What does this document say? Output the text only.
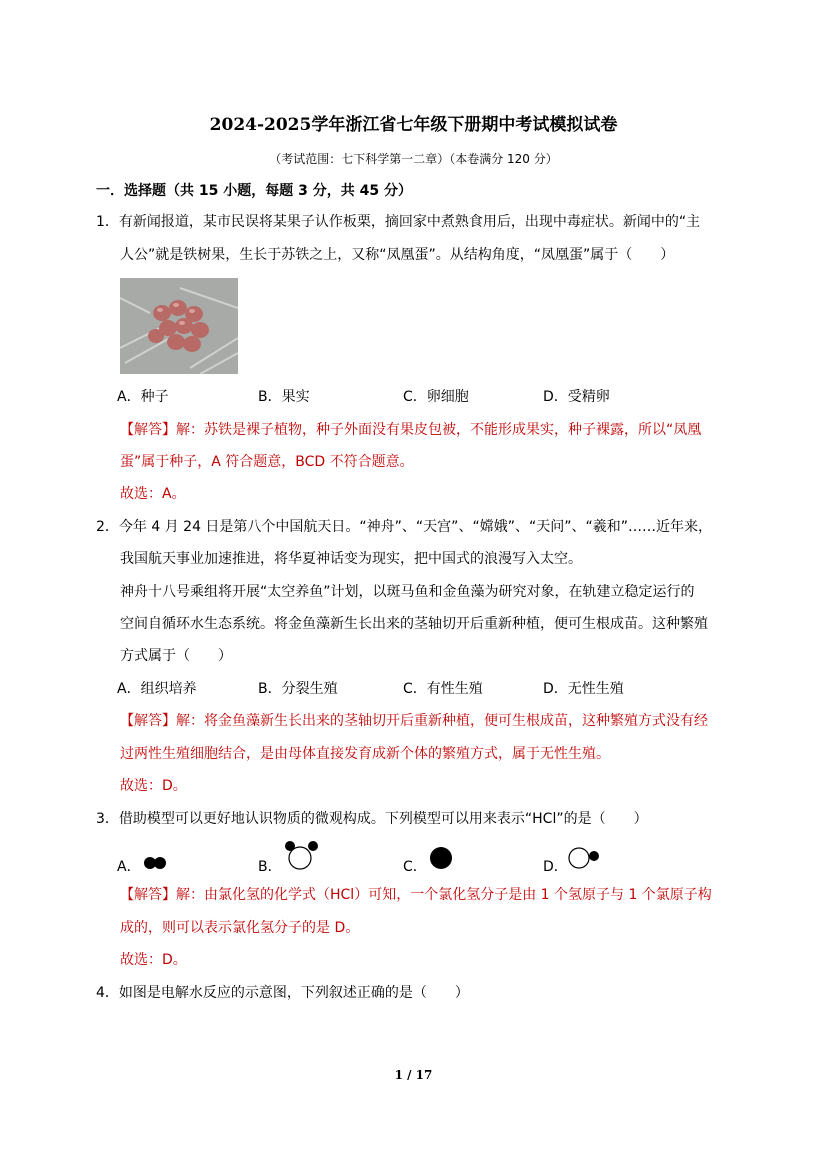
2024-2025学年浙江省七年级下册期中考试模拟试卷
（考试范围：七下科学第一二章）（本卷满分 120 分）
一．选择题（共 15 小题，每题 3 分，共 45 分）
1．有新闻报道，某市民误将某果子认作板栗，摘回家中煮熟食用后，出现中毒症状。新闻中的“主
人公”就是铁树果，生长于苏铁之上，又称“凤凰蛋”。从结构角度，“凤凰蛋”属于（　　）
A．种子	B．果实	C．卵细胞	D．受精卵
【解答】解：苏铁是裸子植物，种子外面没有果皮包被，不能形成果实，种子裸露，所以“凤凰
蛋”属于种子，A 符合题意，BCD 不符合题意。
故选：A。
2．今年 4 月 24 日是第八个中国航天日。“神舟”、“天宫”、“嫦娥”、“天问”、“羲和”……近年来，
我国航天事业加速推进，将华夏神话变为现实，把中国式的浪漫写入太空。
神舟十八号乘组将开展“太空养鱼”计划，以斑马鱼和金鱼藻为研究对象，在轨建立稳定运行的
空间自循环水生态系统。将金鱼藻新生长出来的茎轴切开后重新种植，便可生根成苗。这种繁殖
方式属于（　　）
A．组织培养	B．分裂生殖	C．有性生殖	D．无性生殖
【解答】解：将金鱼藻新生长出来的茎轴切开后重新种植，便可生根成苗，这种繁殖方式没有经
过两性生殖细胞结合，是由母体直接发育成新个体的繁殖方式，属于无性生殖。
故选：D。
3．借助模型可以更好地认识物质的微观构成。下列模型可以用来表示“HCl”的是（　　）
A．	B．	C．	D．
【解答】解：由氯化氢的化学式（HCl）可知，一个氯化氢分子是由 1 个氢原子与 1 个氯原子构
成的，则可以表示氯化氢分子的是 D。
故选：D。
4．如图是电解水反应的示意图，下列叙述正确的是（　　）
1 / 17
